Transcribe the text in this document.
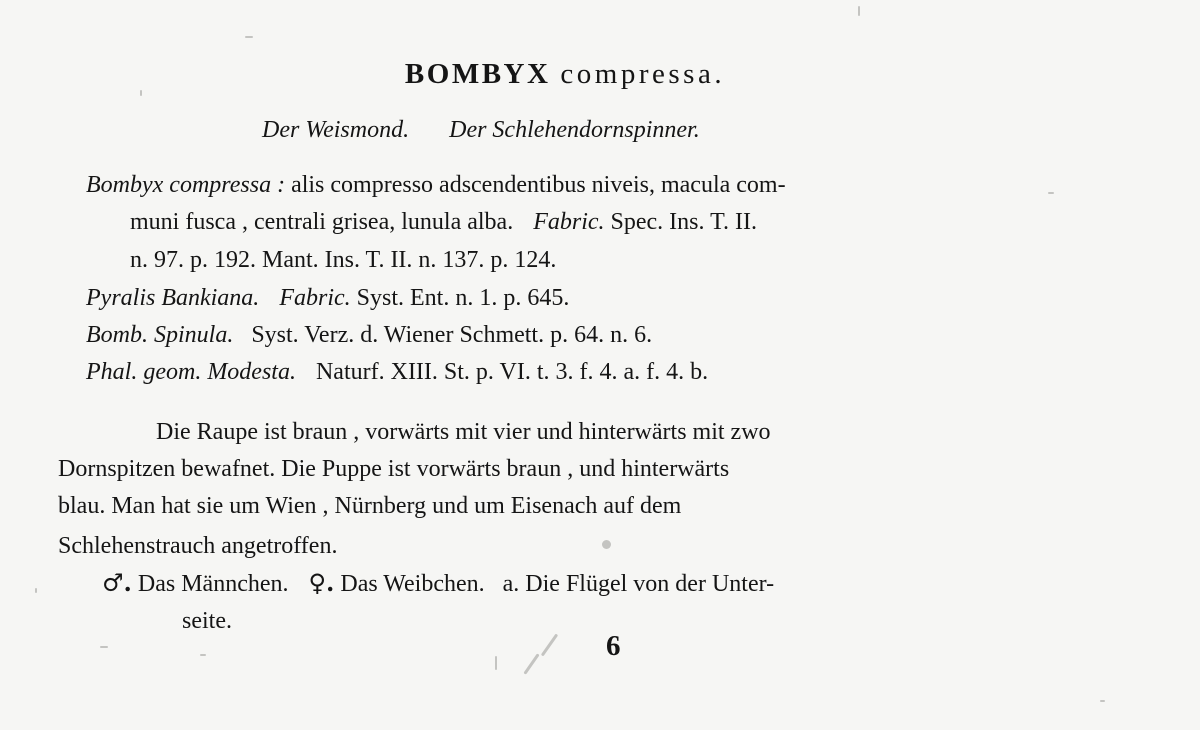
BOMBYX compressa.
Der Weismond. Der Schlehendornspinner.
Bombyx compressa : alis compresso adscendentibus niveis, macula com-
muni fusca , centrali grisea, lunula alba. Fabric. Spec. Ins. T. II.
n. 97. p. 192. Mant. Ins. T. II. n. 137. p. 124.
Pyralis Bankiana. Fabric. Syst. Ent. n. 1. p. 645.
Bomb. Spinula. Syst. Verz. d. Wiener Schmett. p. 64. n. 6.
Phal. geom. Modesta. Naturf. XIII. St. p. VI. t. 3. f. 4. a. f. 4. b.
Die Raupe ist braun , vorwärts mit vier und hinterwärts mit zwo
Dornspitzen bewafnet. Die Puppe ist vorwärts braun , und hinterwärts
blau. Man hat sie um Wien , Nürnberg und um Eisenach auf dem
Schlehenstrauch angetroffen.
♂. Das Männchen. ♀. Das Weibchen. a. Die Flügel von der Unter-
seite.
6
